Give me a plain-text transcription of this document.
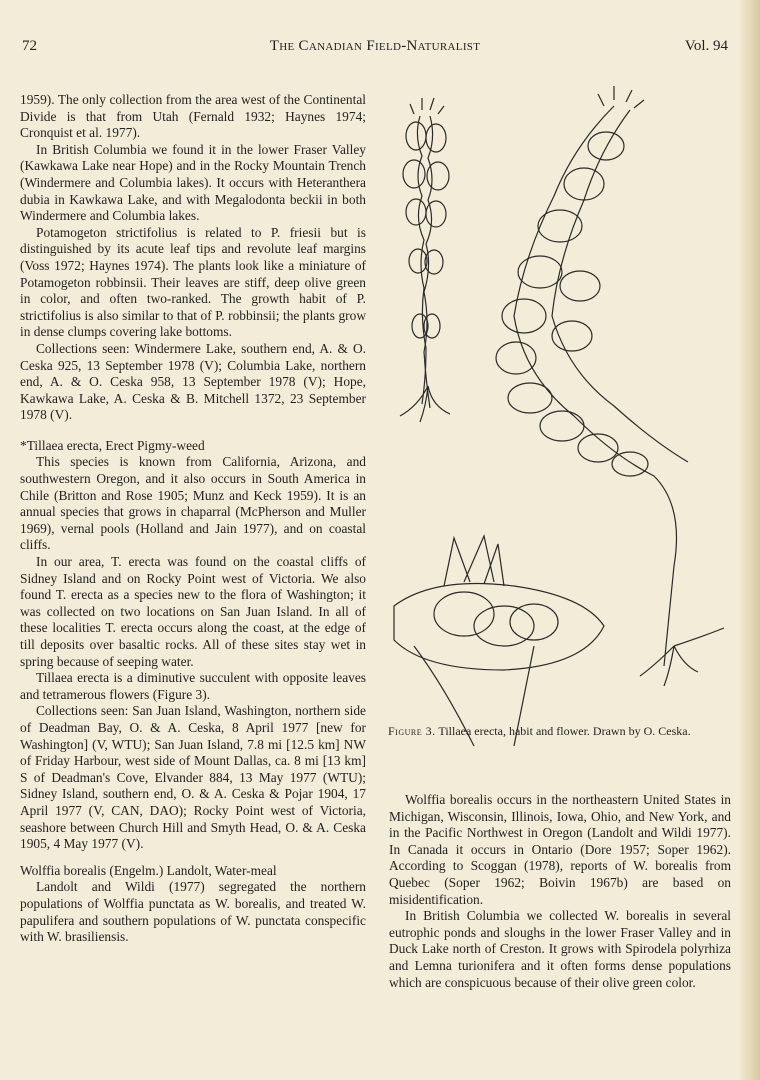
72	The Canadian Field-Naturalist	Vol. 94

1959). The only collection from the area west of the Continental Divide is that from Utah (Fernald 1932; Haynes 1974; Cronquist et al. 1977).

In British Columbia we found it in the lower Fraser Valley (Kawkawa Lake near Hope) and in the Rocky Mountain Trench (Windermere and Columbia lakes). It occurs with Heteranthera dubia in Kawkawa Lake, and with Megalodonta beckii in both Windermere and Columbia lakes.

Potamogeton strictifolius is related to P. friesii but is distinguished by its acute leaf tips and revolute leaf margins (Voss 1972; Haynes 1974). The plants look like a miniature of Potamogeton robbinsii. Their leaves are stiff, deep olive green in color, and often two-ranked. The growth habit of P. strictifolius is also similar to that of P. robbinsii; the plants grow in dense clumps covering lake bottoms.

Collections seen: Windermere Lake, southern end, A. & O. Ceska 925, 13 September 1978 (V); Columbia Lake, northern end, A. & O. Ceska 958, 13 September 1978 (V); Hope, Kawkawa Lake, A. Ceska & B. Mitchell 1372, 23 September 1978 (V).

*Tillaea erecta, Erect Pigmy-weed

This species is known from California, Arizona, and southwestern Oregon, and it also occurs in South America in Chile (Britton and Rose 1905; Munz and Keck 1959). It is an annual species that grows in chaparral (McPherson and Muller 1969), vernal pools (Holland and Jain 1977), and on coastal cliffs.

In our area, T. erecta was found on the coastal cliffs of Sidney Island and on Rocky Point west of Victoria. We also found T. erecta as a species new to the flora of Washington; it was collected on two locations on San Juan Island. In all of these localities T. erecta occurs along the coast, at the edge of till deposits over basaltic rocks. All of these sites stay wet in spring because of seeping water.

Tillaea erecta is a diminutive succulent with opposite leaves and tetramerous flowers (Figure 3).

Collections seen: San Juan Island, Washington, northern side of Deadman Bay, O. & A. Ceska, 8 April 1977 [new for Washington] (V, WTU); San Juan Island, 7.8 mi [12.5 km] NW of Friday Harbour, west side of Mount Dallas, ca. 8 mi [13 km] S of Deadman's Cove, Elvander 884, 13 May 1977 (WTU); Sidney Island, southern end, O. & A. Ceska & Pojar 1904, 17 April 1977 (V, CAN, DAO); Rocky Point west of Victoria, seashore between Church Hill and Smyth Head, O. & A. Ceska 1905, 4 May 1977 (V).

Wolffia borealis (Engelm.) Landolt, Water-meal

Landolt and Wildi (1977) segregated the northern populations of Wolffia punctata as W. borealis, and treated W. papulifera and southern populations of W. punctata conspecific with W. brasiliensis.

Figure 3. Tillaea erecta, habit and flower. Drawn by O. Ceska.

Wolffia borealis occurs in the northeastern United States in Michigan, Wisconsin, Illinois, Iowa, Ohio, and New York, and in the Pacific Northwest in Oregon (Landolt and Wildi 1977). In Canada it occurs in Ontario (Dore 1957; Soper 1962). According to Scoggan (1978), reports of W. borealis from Quebec (Soper 1962; Boivin 1967b) are based on misidentification.

In British Columbia we collected W. borealis in several eutrophic ponds and sloughs in the lower Fraser Valley and in Duck Lake north of Creston. It grows with Spirodela polyrhiza and Lemna turionifera and it often forms dense populations which are conspicuous because of their olive green color.
